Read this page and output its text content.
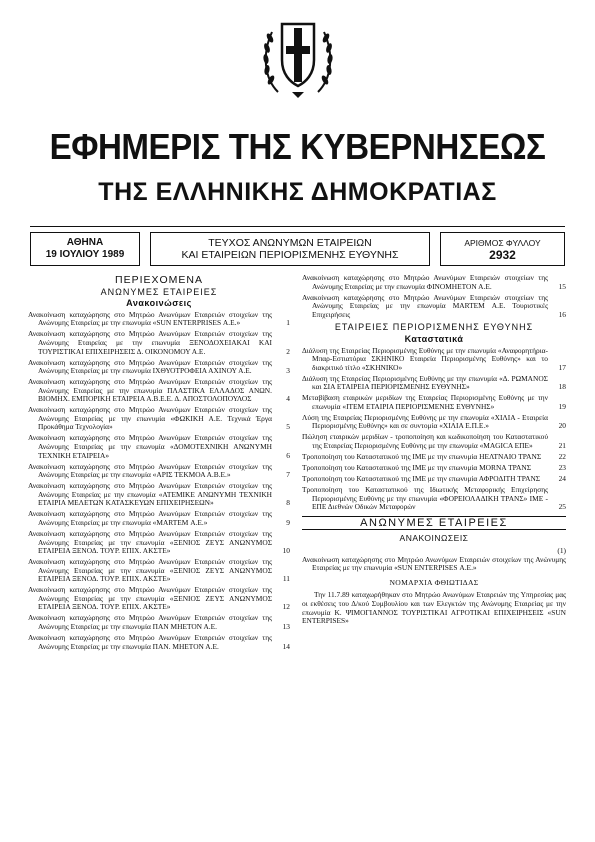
ΕΦΗΜΕΡΙΣ ΤΗΣ ΚΥΒΕΡΝΗΣΕΩΣ
ΤΗΣ ΕΛΛΗΝΙΚΗΣ ΔΗΜΟΚΡΑΤΙΑΣ
ΑΘΗΝΑ
19 ΙΟΥΛΙΟΥ 1989
ΤΕΥΧΟΣ ΑΝΩΝΥΜΩΝ ΕΤΑΙΡΕΙΩΝ
ΚΑΙ ΕΤΑΙΡΕΙΩΝ ΠΕΡΙΟΡΙΣΜΕΝΗΣ ΕΥΘΥΝΗΣ
ΑΡΙΘΜΟΣ ΦΥΛΛΟΥ
2932
ΠΕΡΙΕΧΟΜΕΝΑ
ΑΝΩΝΥΜΕΣ ΕΤΑΙΡΕΙΕΣ
Ανακοινώσεις
Ανακοίνωση καταχώρησης στο Μητρώο Ανωνύμων Εταιρειών στοιχείων της Ανώνυμης Εταιρείας με την επωνυμία «SUN ENTERPRISES Α.Ε.»	1
Ανακοίνωση καταχώρησης στο Μητρώο Ανωνύμων Εταιρειών στοιχείων της Ανώνυμης Εταιρείας με την επωνυμία ΞΕΝΟΔΟΧΕΙΑΚΑΙ ΚΑΙ ΤΟΥΡΙΣΤΙΚΑΙ ΕΠΙΧΕΙΡΗΣΕΙΣ Δ. ΟΙΚΟΝΟΜΟΥ Α.Ε.	2
Ανακοίνωση καταχώρησης στο Μητρώο Ανωνύμων Εταιρειών στοιχείων της Ανώνυμης Εταιρείας με την επωνυμία ΙΧΘΥΟΤΡΟΦΕΙΑ ΑΧΙΝΟΥ Α.Ε.	3
Ανακοίνωση καταχώρησης στο Μητρώο Ανωνύμων Εταιρειών στοιχείων της Ανώνυμης Εταιρείας με την επωνυμία ΠΛΑΣΤΙΚΑ ΕΛΛΑΔΟΣ ΑΝΩΝ. ΒΙΟΜΗΧ. ΕΜΠΟΡΙΚΗ ΕΤΑΙΡΕΙΑ Α.Β.Ε.Ε. Δ. ΑΠΟΣΤΟΛΟΠΟΥΛΟΣ	4
Ανακοίνωση καταχώρησης στο Μητρώο Ανωνύμων Εταιρειών στοιχείων της Ανώνυμης Εταιρείας με την επωνυμία «ΦΩΚΙΚΗ Α.Ε. Τεχνικά Έργα Προκάθημα Τεχνολογία»	5
Ανακοίνωση καταχώρησης στο Μητρώο Ανωνύμων Εταιρειών στοιχείων της Ανώνυμης Εταιρείας με την επωνυμία «ΔΟΜΟΤΕΧΝΙΚΗ ΑΝΩΝΥΜΗ ΤΕΧΝΙΚΗ ΕΤΑΙΡΕΙΑ»	6
Ανακοίνωση καταχώρησης στο Μητρώο Ανωνύμων Εταιρειών στοιχείων της Ανώνυμης Εταιρείας με την επωνυμία «ΑΡΙΣ ΤΕΚΜΟΑ Α.Β.Ε.»	7
Ανακοίνωση καταχώρησης στο Μητρώο Ανωνύμων Εταιρειών στοιχείων της Ανώνυμης Εταιρείας με την επωνυμία «ΑΤΕΜΙΚΕ ΑΝΩΝΥΜΗ ΤΕΧΝΙΚΗ ΕΤΑΙΡΙΑ ΜΕΛΕΤΩΝ ΚΑΤΑΣΚΕΥΩΝ ΕΠΙΧΕΙΡΗΣΕΩΝ»	8
Ανακοίνωση καταχώρησης στο Μητρώο Ανωνύμων Εταιρειών στοιχείων της Ανώνυμης Εταιρείας με την επωνυμία «MARTEM Α.Ε.»	9
Ανακοίνωση καταχώρησης στο Μητρώο Ανωνύμων Εταιρειών στοιχείων της Ανώνυμης Εταιρείας με την επωνυμία «ΞΕΝΙΟΣ ΖΕΥΣ ΑΝΩΝΥΜΟΣ ΕΤΑΙΡΕΙΑ ΞΕΝΟΔ. ΤΟΥΡ. ΕΠΙΧ. ΑΚΣΤΕ»	10
Ανακοίνωση καταχώρησης στο Μητρώο Ανωνύμων Εταιρειών στοιχείων της Ανώνυμης Εταιρείας με την επωνυμία «ΞΕΝΙΟΣ ΖΕΥΣ ΑΝΩΝΥΜΟΣ ΕΤΑΙΡΕΙΑ ΞΕΝΟΔ. ΤΟΥΡ. ΕΠΙΧ. ΑΚΣΤΕ»	11
Ανακοίνωση καταχώρησης στο Μητρώο Ανωνύμων Εταιρειών στοιχείων της Ανώνυμης Εταιρείας με την επωνυμία «ΞΕΝΙΟΣ ΖΕΥΣ ΑΝΩΝΥΜΟΣ ΕΤΑΙΡΕΙΑ ΞΕΝΟΔ. ΤΟΥΡ. ΕΠΙΧ. ΑΚΣΤΕ»	12
Ανακοίνωση καταχώρησης στο Μητρώο Ανωνύμων Εταιρειών στοιχείων της Ανώνυμης Εταιρείας με την επωνυμία ΠΑΝ ΜΗΕΤΟΝ Α.Ε.	13
Ανακοίνωση καταχώρησης στο Μητρώο Ανωνύμων Εταιρειών στοιχείων της Ανώνυμης Εταιρείας με την επωνυμία ΠΑΝ. ΜΗΕΤΟΝ Α.Ε.	14
Ανακοίνωση καταχώρησης στο Μητρώο Ανωνύμων Εταιρειών στοιχείων της Ανώνυμης Εταιρείας με την επωνυμία ΦΙΝΟΜΗΕΤΟΝ Α.Ε.	15
Ανακοίνωση καταχώρησης στο Μητρώο Ανωνύμων Εταιρειών στοιχείων της Ανώνυμης Εταιρείας με την επωνυμία MARTEM Α.Ε. Τουριστικές Επιχειρήσεις	16
ΕΤΑΙΡΕΙΕΣ ΠΕΡΙΟΡΙΣΜΕΝΗΣ ΕΥΘΥΝΗΣ
Καταστατικά
Διάλυση της Εταιρείας Περιορισμένης Ευθύνης με την επωνυμία «Αναφορητήρια-Μπαρ-Εστιατόρια ΣΚΗΝΙΚΟ Εταιρεία Περιορισμένης Ευθύνης» και το διακριτικό τίτλο «ΣΚΗΝΙΚΟ»	17
Διάλυση της Εταιρείας Περιορισμένης Ευθύνης με την επωνυμία «Δ. ΡΩΜΑΝΟΣ και ΣΙΑ ΕΤΑΙΡΕΙΑ ΠΕΡΙΟΡΙΣΜΕΝΗΣ ΕΥΘΥΝΗΣ»	18
Μεταβίβαση εταιρικών μεριδίων της Εταιρείας Περιορισμένης Ευθύνης με την επωνυμία «ΙΤΕΜ ΕΤΑΙΡΙΑ ΠΕΡΙΟΡΙΣΜΕΝΗΣ ΕΥΘΥΝΗΣ»	19
Λύση της Εταιρείας Περιορισμένης Ευθύνης με την επωνυμία «ΧΙΛΙΑ - Εταιρεία Περιορισμένης Ευθύνης» και σε συντομία «ΧΙΛΙΑ Ε.Π.Ε.»	20
Πώληση εταιρικών μεριδίων - τροποποίηση και κωδικοποίηση του Καταστατικού της Εταιρείας Περιορισμένης Ευθύνης με την επωνυμία «MAGICA ΕΠΕ»	21
Τροποποίηση του Καταστατικού της ΙΜΕ με την επωνυμία ΗΕΛΤΝΑΙΟ ΤΡΑΝΣ	22
Τροποποίηση του Καταστατικού της ΙΜΕ με την επωνυμία MORNA ΤΡΑΝΣ	23
Τροποποίηση του Καταστατικού της ΙΜΕ με την επωνυμία ΑΦΡΟΔΙΤΗ ΤΡΑΝΣ	24
Τροποποίηση του Καταστατικού της Ιδιωτικής Μεταφορικής Επιχείρησης Περιορισμένης Ευθύνης με την επωνυμία «ΦΟΡΕΙΟΛΑΔΙΚΗ ΤΡΑΝΣ» ΙΜΕ - ΕΠΕ Διεθνών Οδικών Μεταφορών	25
ΑΝΩΝΥΜΕΣ ΕΤΑΙΡΕΙΕΣ
ΑΝΑΚΟΙΝΩΣΕΙΣ
(1)
Ανακοίνωση καταχώρησης στο Μητρώο Ανωνύμων Εταιρειών στοιχείων της Ανώνυμης Εταιρείας με την επωνυμία «SUN ENTERPISES Α.Ε.»
ΝΟΜΑΡΧΙΑ ΦΘΙΩΤΙΔΑΣ
Την 11.7.89 καταχωρήθηκαν στο Μητρώο Ανωνύμων Εταιρειών της Υπηρεσίας μας οι εκθέσεις του Δ/κού Συμβουλίου και των Ελεγκτών της Ανώνυμης Εταιρείας με την επωνυμία Κ. ΨΙΜΟΓΙΑΝΝΟΣ ΤΟΥΡΙΣΤΙΚΑΙ ΑΓΡΟΤΙΚΑΙ ΕΠΙΧΕΙΡΗΣΕΙΣ «SUN ENTERPISES»
